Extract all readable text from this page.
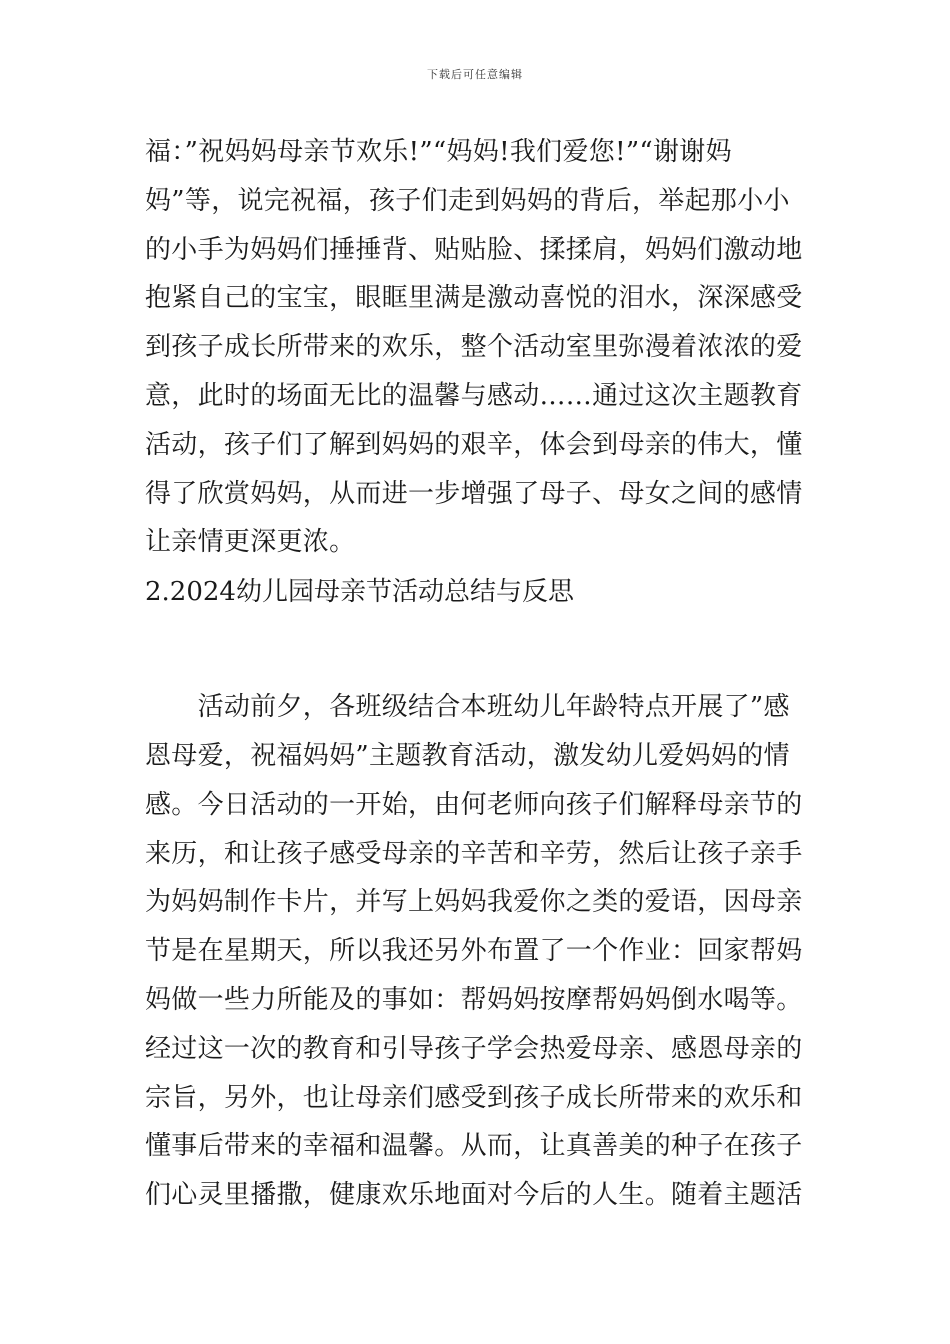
下载后可任意编辑
福：”祝妈妈母亲节欢乐!”“妈妈!我们爱您!”“谢谢妈
妈”等，说完祝福，孩子们走到妈妈的背后，举起那小小
的小手为妈妈们捶捶背、贴贴脸、揉揉肩，妈妈们激动地
抱紧自己的宝宝，眼眶里满是激动喜悦的泪水，深深感受
到孩子成长所带来的欢乐，整个活动室里弥漫着浓浓的爱
意，此时的场面无比的温馨与感动……通过这次主题教育
活动，孩子们了解到妈妈的艰辛，体会到母亲的伟大，懂
得了欣赏妈妈，从而进一步增强了母子、母女之间的感情
让亲情更深更浓。
2.2024幼儿园母亲节活动总结与反思
　　活动前夕，各班级结合本班幼儿年龄特点开展了”感
恩母爱，祝福妈妈”主题教育活动，激发幼儿爱妈妈的情
感。今日活动的一开始，由何老师向孩子们解释母亲节的
来历，和让孩子感受母亲的辛苦和辛劳，然后让孩子亲手
为妈妈制作卡片，并写上妈妈我爱你之类的爱语，因母亲
节是在星期天，所以我还另外布置了一个作业：回家帮妈
妈做一些力所能及的事如：帮妈妈按摩帮妈妈倒水喝等。
经过这一次的教育和引导孩子学会热爱母亲、感恩母亲的
宗旨，另外，也让母亲们感受到孩子成长所带来的欢乐和
懂事后带来的幸福和温馨。从而，让真善美的种子在孩子
们心灵里播撒，健康欢乐地面对今后的人生。随着主题活
